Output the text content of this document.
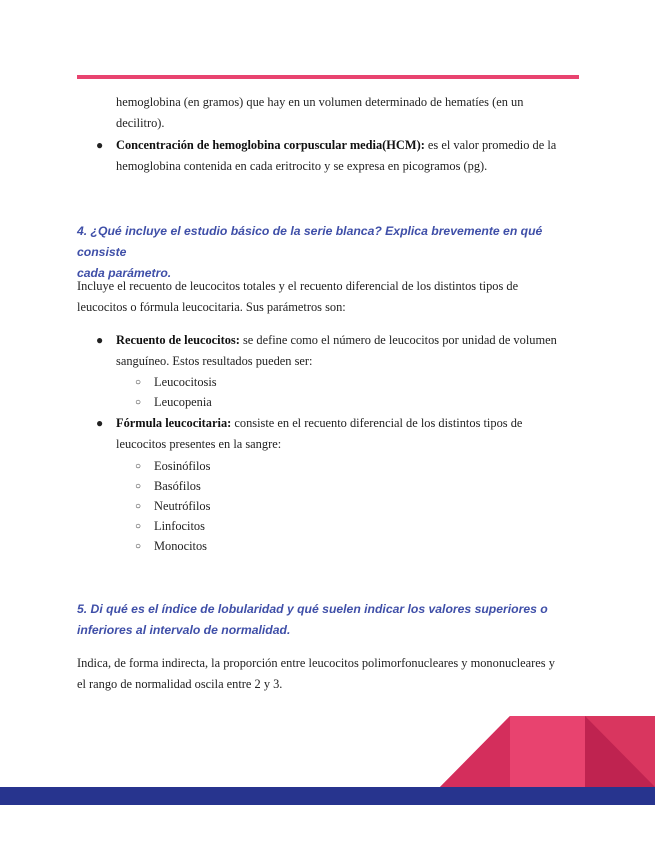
hemoglobina (en gramos) que hay en un volumen determinado de hematíes (en un
decilitro).
● Concentración de hemoglobina corpuscular media(HCM): es el valor promedio de la
hemoglobina contenida en cada eritrocito y se expresa en picogramos (pg).
4. ¿Qué incluye el estudio básico de la serie blanca? Explica brevemente en qué consiste
cada parámetro.
Incluye el recuento de leucocitos totales y el recuento diferencial de los distintos tipos de
leucocitos o fórmula leucocitaria. Sus parámetros son:
● Recuento de leucocitos: se define como el número de leucocitos por unidad de volumen
sanguíneo. Estos resultados pueden ser:
○ Leucocitosis
○ Leucopenia
● Fórmula leucocitaria: consiste en el recuento diferencial de los distintos tipos de
leucocitos presentes en la sangre:
○ Eosinófilos
○ Basófilos
○ Neutrófilos
○ Linfocitos
○ Monocitos
5. Di qué es el índice de lobularidad y qué suelen indicar los valores superiores o
inferiores al intervalo de normalidad.
Indica, de forma indirecta, la proporción entre leucocitos polimorfonucleares y mononucleares y
el rango de normalidad oscila entre 2 y 3.
